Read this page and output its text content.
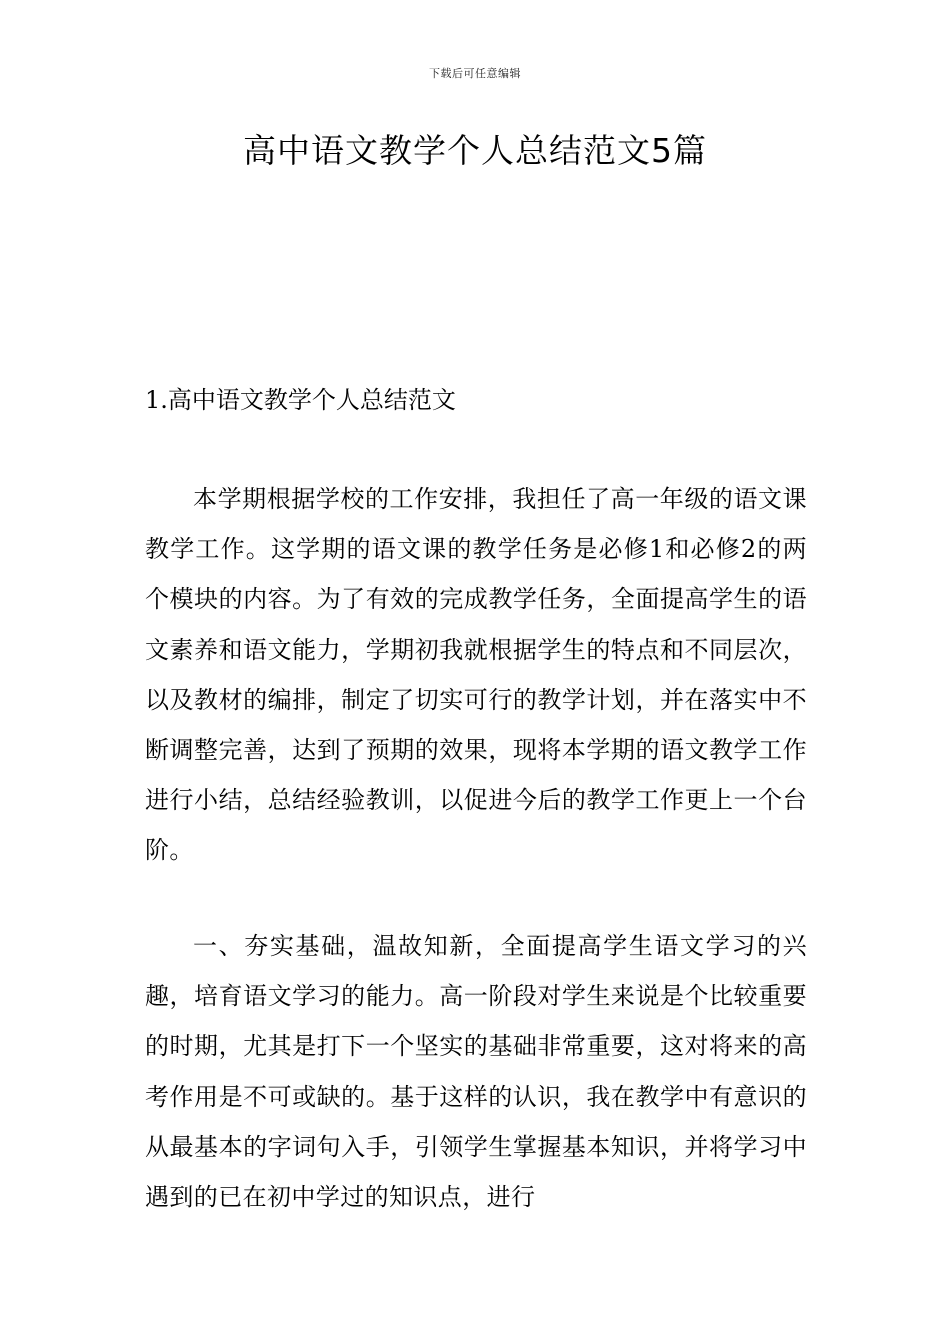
下载后可任意编辑
高中语文教学个人总结范文5篇
1.高中语文教学个人总结范文

本学期根据学校的工作安排，我担任了高一年级的语文课教学工作。这学期的语文课的教学任务是必修1和必修2的两个模块的内容。为了有效的完成教学任务，全面提高学生的语文素养和语文能力，学期初我就根据学生的特点和不同层次，以及教材的编排，制定了切实可行的教学计划，并在落实中不断调整完善，达到了预期的效果，现将本学期的语文教学工作进行小结，总结经验教训，以促进今后的教学工作更上一个台阶。

一、夯实基础，温故知新，全面提高学生语文学习的兴趣，培育语文学习的能力。高一阶段对学生来说是个比较重要的时期，尤其是打下一个坚实的基础非常重要，这对将来的高考作用是不可或缺的。基于这样的认识，我在教学中有意识的从最基本的字词句入手，引领学生掌握基本知识，并将学习中遇到的已在初中学过的知识点，进行
